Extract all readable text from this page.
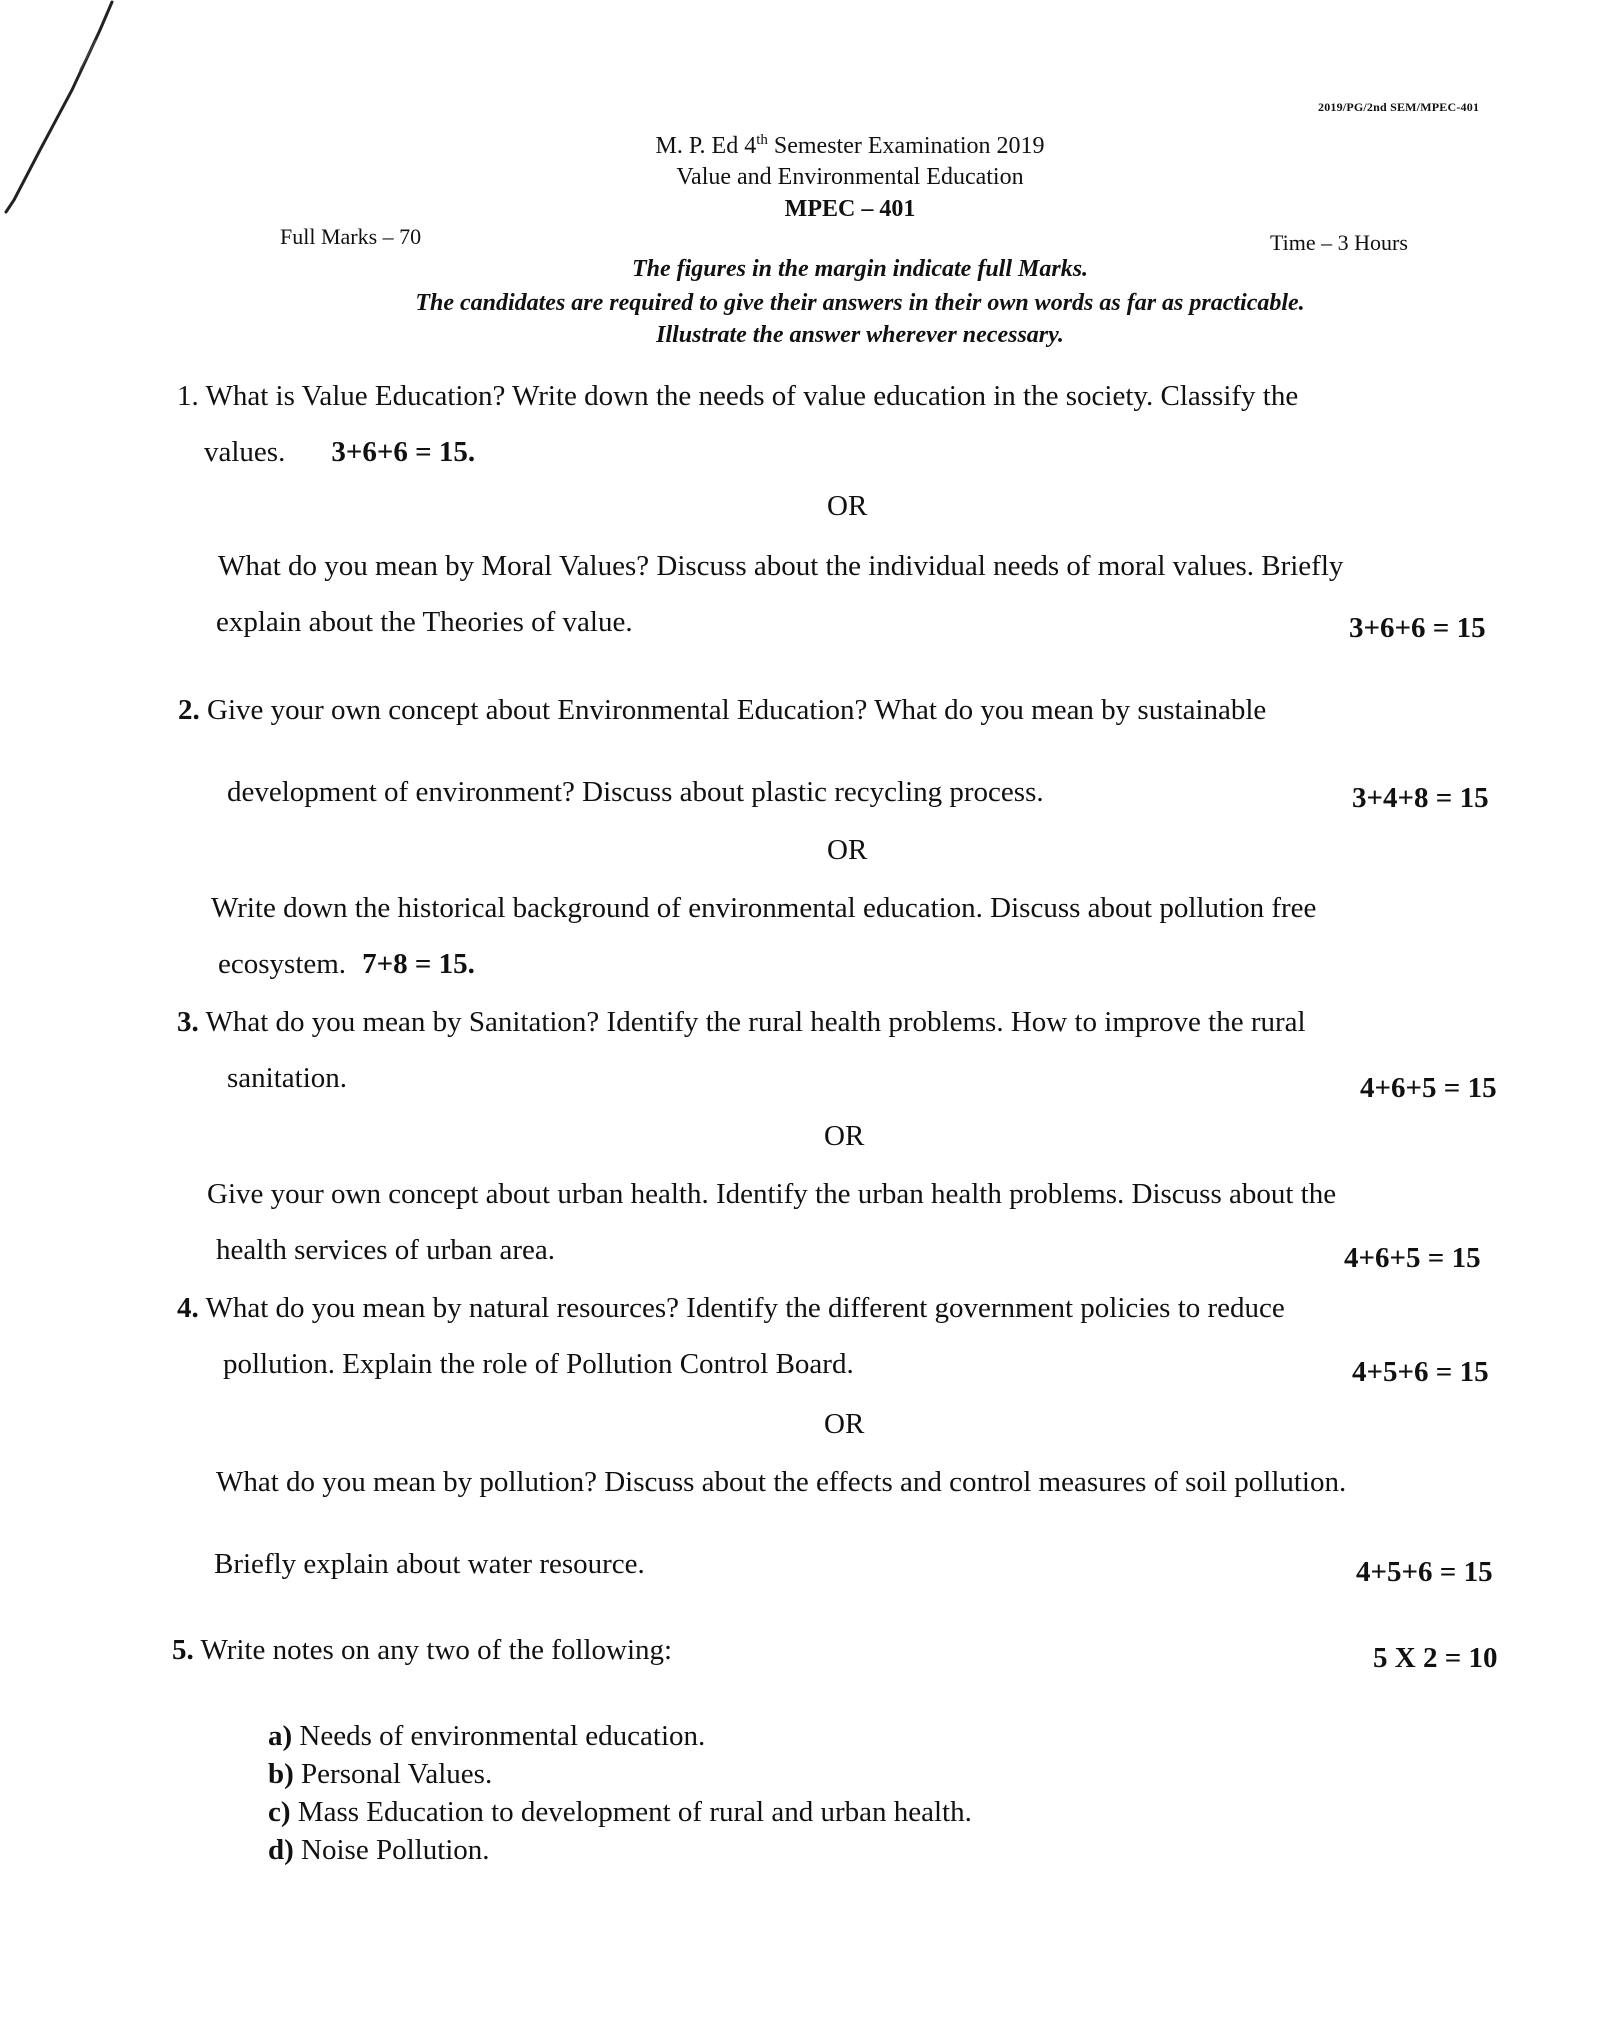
2019/PG/2nd SEM/MPEC-401
M. P. Ed 4th Semester Examination 2019
Value and Environmental Education
MPEC – 401
Full Marks – 70	Time – 3 Hours
The figures in the margin indicate full Marks.
The candidates are required to give their answers in their own words as far as practicable.
Illustrate the answer wherever necessary.
1. What is Value Education? Write down the needs of value education in the society. Classify the
values. 3+6+6 = 15.
OR
What do you mean by Moral Values? Discuss about the individual needs of moral values. Briefly
explain about the Theories of value.	3+6+6 = 15
2. Give your own concept about Environmental Education? What do you mean by sustainable
development of environment? Discuss about plastic recycling process.	3+4+8 = 15
OR
Write down the historical background of environmental education. Discuss about pollution free
ecosystem. 7+8 = 15.
3. What do you mean by Sanitation? Identify the rural health problems. How to improve the rural
sanitation.	4+6+5 = 15
OR
Give your own concept about urban health. Identify the urban health problems. Discuss about the
health services of urban area.	4+6+5 = 15
4. What do you mean by natural resources? Identify the different government policies to reduce
pollution. Explain the role of Pollution Control Board.	4+5+6 = 15
OR
What do you mean by pollution? Discuss about the effects and control measures of soil pollution.
Briefly explain about water resource.	4+5+6 = 15
5. Write notes on any two of the following:	5 X 2 = 10
a) Needs of environmental education.
b) Personal Values.
c) Mass Education to development of rural and urban health.
d) Noise Pollution.
